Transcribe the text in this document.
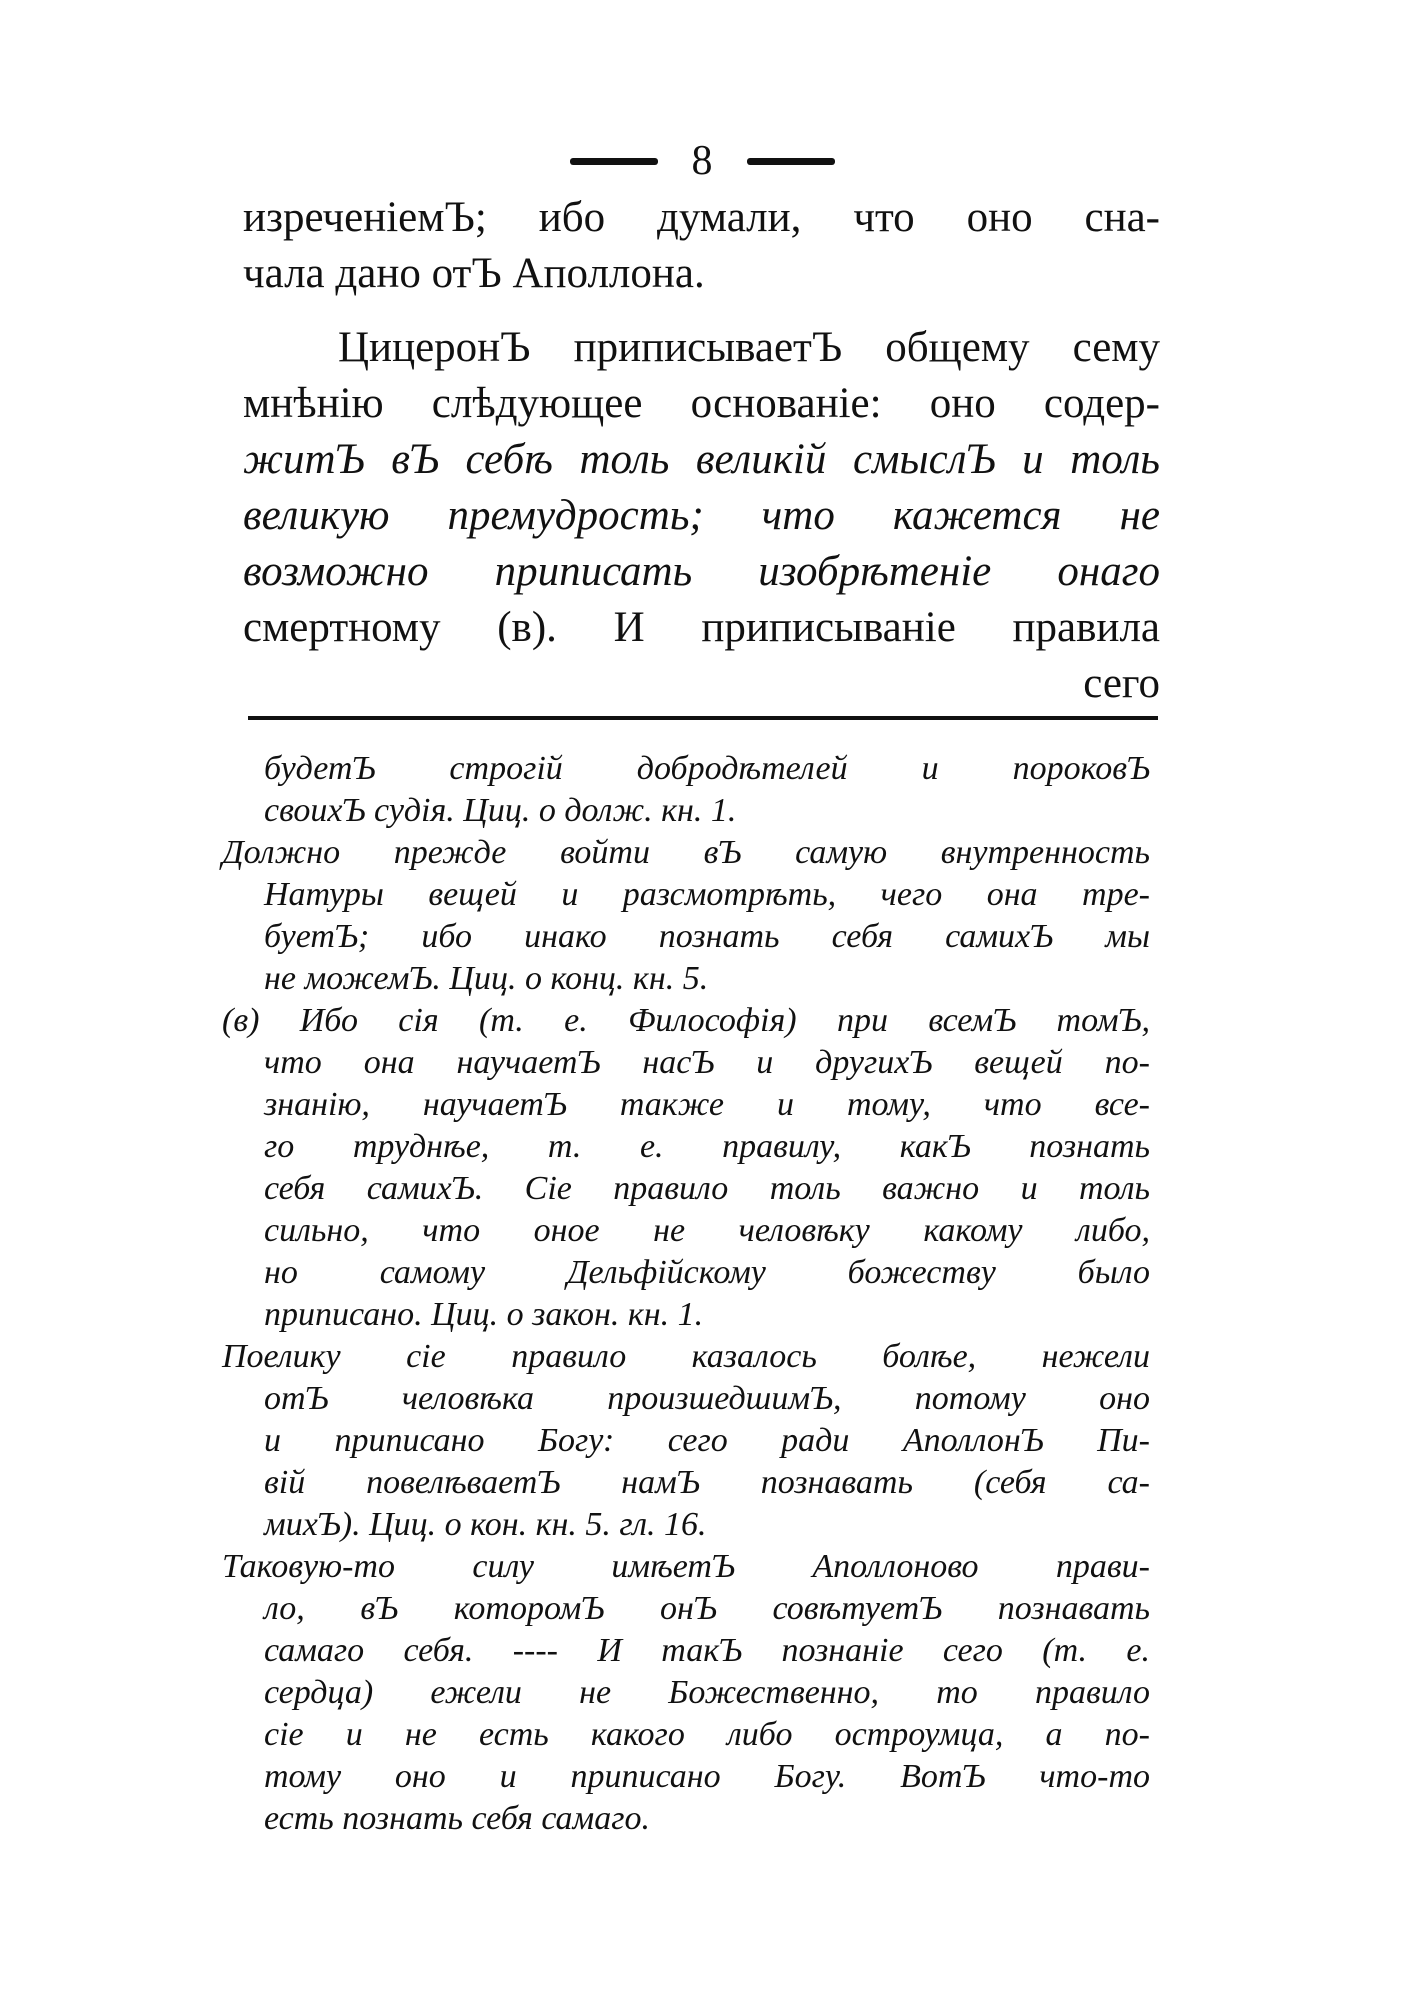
8
изреченіемЪ; ибо думали, что оно сна-
чала дано отЪ Аполлона.
ЦицеронЪ приписываетЪ общему сему
мнѣнію слѣдующее основаніе: оно содер-
житЪ вЪ себѣ толь великій смыслЪ и толь
великую премудрость; что кажется не
возможно приписать изобрѣтеніе онаго
смертному (в). И приписываніе правила
сего
будетЪ строгій добродѣтелей и пороковЪ
своихЪ судія. Циц. о долж. кн. 1.
Должно прежде войти вЪ самую внутренность
Натуры вещей и разсмотрѣть, чего она тре-
буетЪ; ибо инако познать себя самихЪ мы
не можемЪ. Циц. о конц. кн. 5.
(в) Ибо сія (т. е. Философія) при всемЪ томЪ,
что она научаетЪ насЪ и другихЪ вещей по-
знанію, научаетЪ также и тому, что все-
го труднѣе, т. е. правилу, какЪ познать
себя самихЪ. Сіе правило толь важно и толь
сильно, что оное не человѣку какому либо,
но самому Дельфійскому божеству было
приписано. Циц. о закон. кн. 1.
Поелику сіе правило казалось болѣе, нежели
отЪ человѣка произшедшимЪ, потому оно
и приписано Богу: сего ради АполлонЪ Пи-
вій повелѣваетЪ намЪ познавать (себя са-
михЪ). Циц. о кон. кн. 5. гл. 16.
Таковую-то силу имѣетЪ Аполлоново прави-
ло, вЪ которомЪ онЪ совѣтуетЪ познавать
самаго себя. ---- И такЪ познаніе сего (т. е.
сердца) ежели не Божественно, то правило
сіе и не есть какого либо остроумца, а по-
тому оно и приписано Богу. ВотЪ что-то
есть познать себя самаго.
